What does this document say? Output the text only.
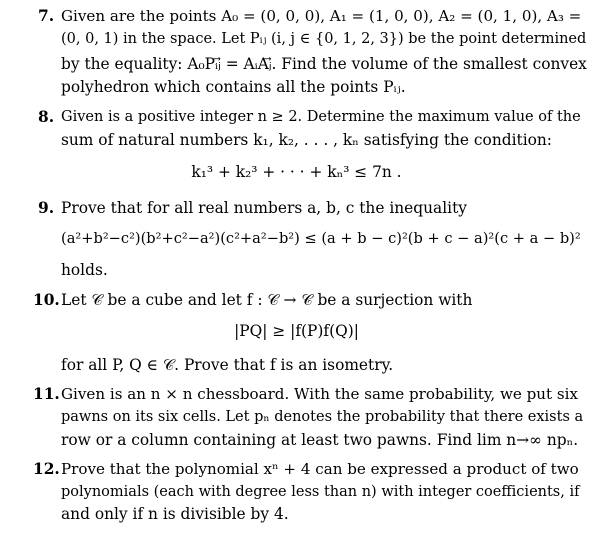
7. Given are the points A₀ = (0, 0, 0), A₁ = (1, 0, 0), A₂ = (0, 1, 0), A₃ =
(0, 0, 1) in the space. Let Pᵢⱼ (i, j ∈ {0, 1, 2, 3}) be the point determined
by the equality: A₀Pᵢⱼ⃗ = AᵢAⱼ⃗. Find the volume of the smallest convex
polyhedron which contains all the points Pᵢⱼ.
8. Given is a positive integer n ≥ 2. Determine the maximum value of the
sum of natural numbers k₁, k₂, . . . , kₙ satisfying the condition:
k₁³ + k₂³ + · · · + kₙ³ ≤ 7n .
9. Prove that for all real numbers a, b, c the inequality
(a²+b²−c²)(b²+c²−a²)(c²+a²−b²) ≤ (a + b − c)²(b + c − a)²(c + a − b)²
holds.
10. Let 𝒞 be a cube and let f : 𝒞 → 𝒞 be a surjection with
|PQ| ≥ |f(P)f(Q)|
for all P, Q ∈ 𝒞. Prove that f is an isometry.
11. Given is an n × n chessboard. With the same probability, we put six
pawns on its six cells. Let pₙ denotes the probability that there exists a
row or a column containing at least two pawns. Find lim n→∞ npₙ.
12. Prove that the polynomial xⁿ + 4 can be expressed a product of two
polynomials (each with degree less than n) with integer coefficients, if
and only if n is divisible by 4.
